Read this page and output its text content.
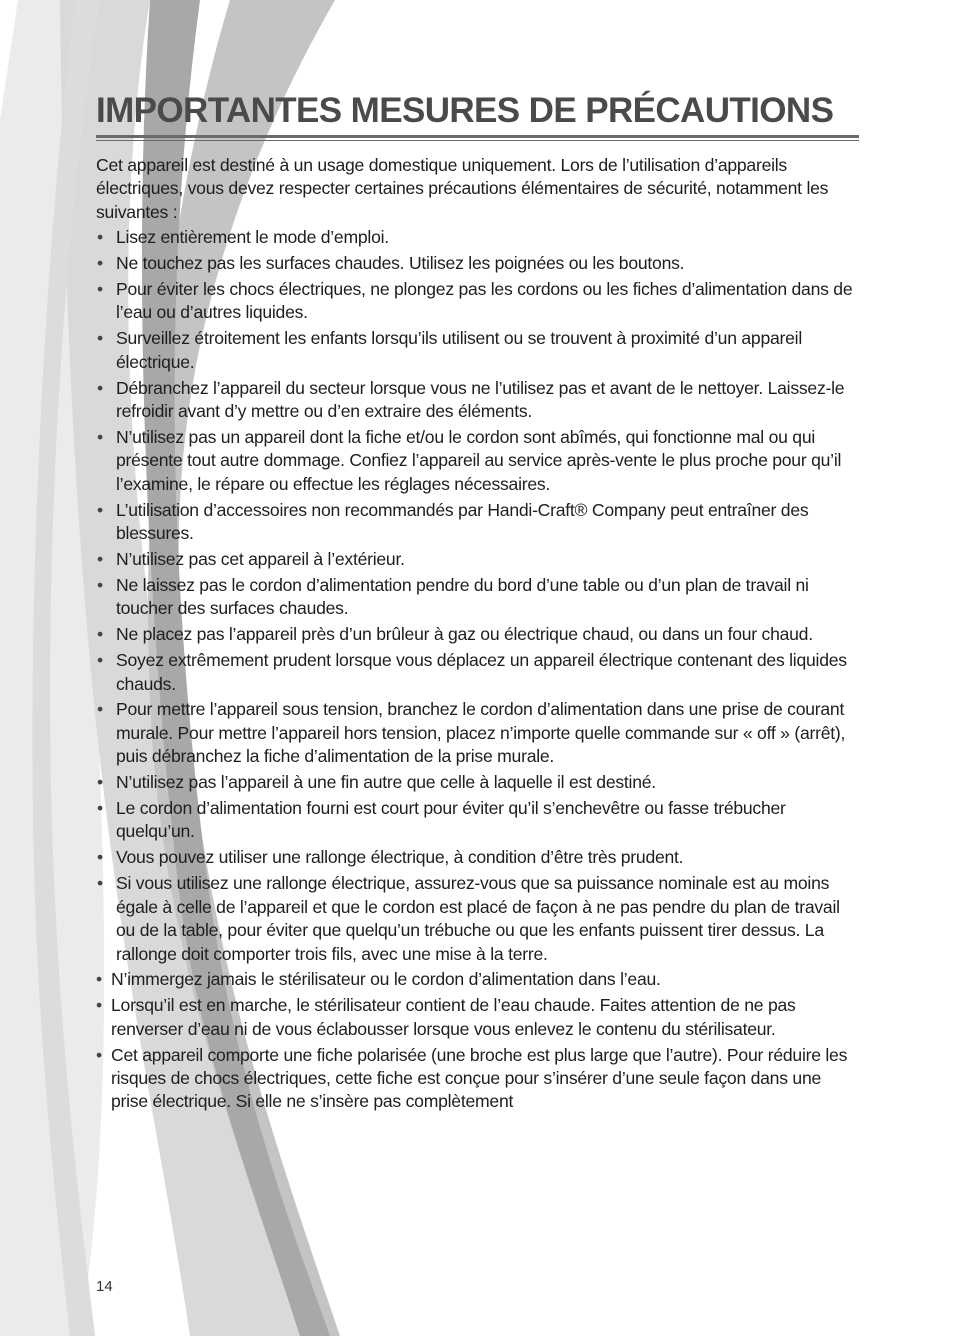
IMPORTANTES MESURES DE PRÉCAUTIONS

Cet appareil est destiné à un usage domestique uniquement. Lors de l’utilisation d’appareils électriques, vous devez respecter certaines précautions élémentaires de sécurité, notamment les suivantes :

• Lisez entièrement le mode d’emploi.
• Ne touchez pas les surfaces chaudes. Utilisez les poignées ou les boutons.
• Pour éviter les chocs électriques, ne plongez pas les cordons ou les fiches d’alimentation dans de l’eau ou d’autres liquides.
• Surveillez étroitement les enfants lorsqu’ils utilisent ou se trouvent à proximité d’un appareil électrique.
• Débranchez l’appareil du secteur lorsque vous ne l’utilisez pas et avant de le nettoyer. Laissez-le refroidir avant d’y mettre ou d’en extraire des éléments.
• N’utilisez pas un appareil dont la fiche et/ou le cordon sont abîmés, qui fonctionne mal ou qui présente tout autre dommage. Confiez l’appareil au service après-vente le plus proche pour qu’il l’examine, le répare ou effectue les réglages nécessaires.
• L’utilisation d’accessoires non recommandés par Handi-Craft® Company peut entraîner des blessures.
• N’utilisez pas cet appareil à l’extérieur.
• Ne laissez pas le cordon d’alimentation pendre du bord d’une table ou d’un plan de travail ni toucher des surfaces chaudes.
• Ne placez pas l’appareil près d’un brûleur à gaz ou électrique chaud, ou dans un four chaud.
• Soyez extrêmement prudent lorsque vous déplacez un appareil électrique contenant des liquides chauds.
• Pour mettre l’appareil sous tension, branchez le cordon d’alimentation dans une prise de courant murale. Pour mettre l’appareil hors tension, placez n’importe quelle commande sur « off » (arrêt), puis débranchez la fiche d’alimentation de la prise murale.
• N’utilisez pas l’appareil à une fin autre que celle à laquelle il est destiné.
• Le cordon d’alimentation fourni est court pour éviter qu’il s’enchevêtre ou fasse trébucher quelqu’un.
• Vous pouvez utiliser une rallonge électrique, à condition d’être très prudent.
• Si vous utilisez une rallonge électrique, assurez-vous que sa puissance nominale est au moins égale à celle de l’appareil et que le cordon est placé de façon à ne pas pendre du plan de travail ou de la table, pour éviter que quelqu’un trébuche ou que les enfants puissent tirer dessus. La rallonge doit comporter trois fils, avec une mise à la terre.
• N’immergez jamais le stérilisateur ou le cordon d’alimentation dans l’eau.
• Lorsqu’il est en marche, le stérilisateur contient de l’eau chaude. Faites attention de ne pas renverser d’eau ni de vous éclabousser lorsque vous enlevez le contenu du stérilisateur.
• Cet appareil comporte une fiche polarisée (une broche est plus large que l’autre). Pour réduire les risques de chocs électriques, cette fiche est conçue pour s’insérer d’une seule façon dans une prise électrique. Si elle ne s’insère pas complètement
14
